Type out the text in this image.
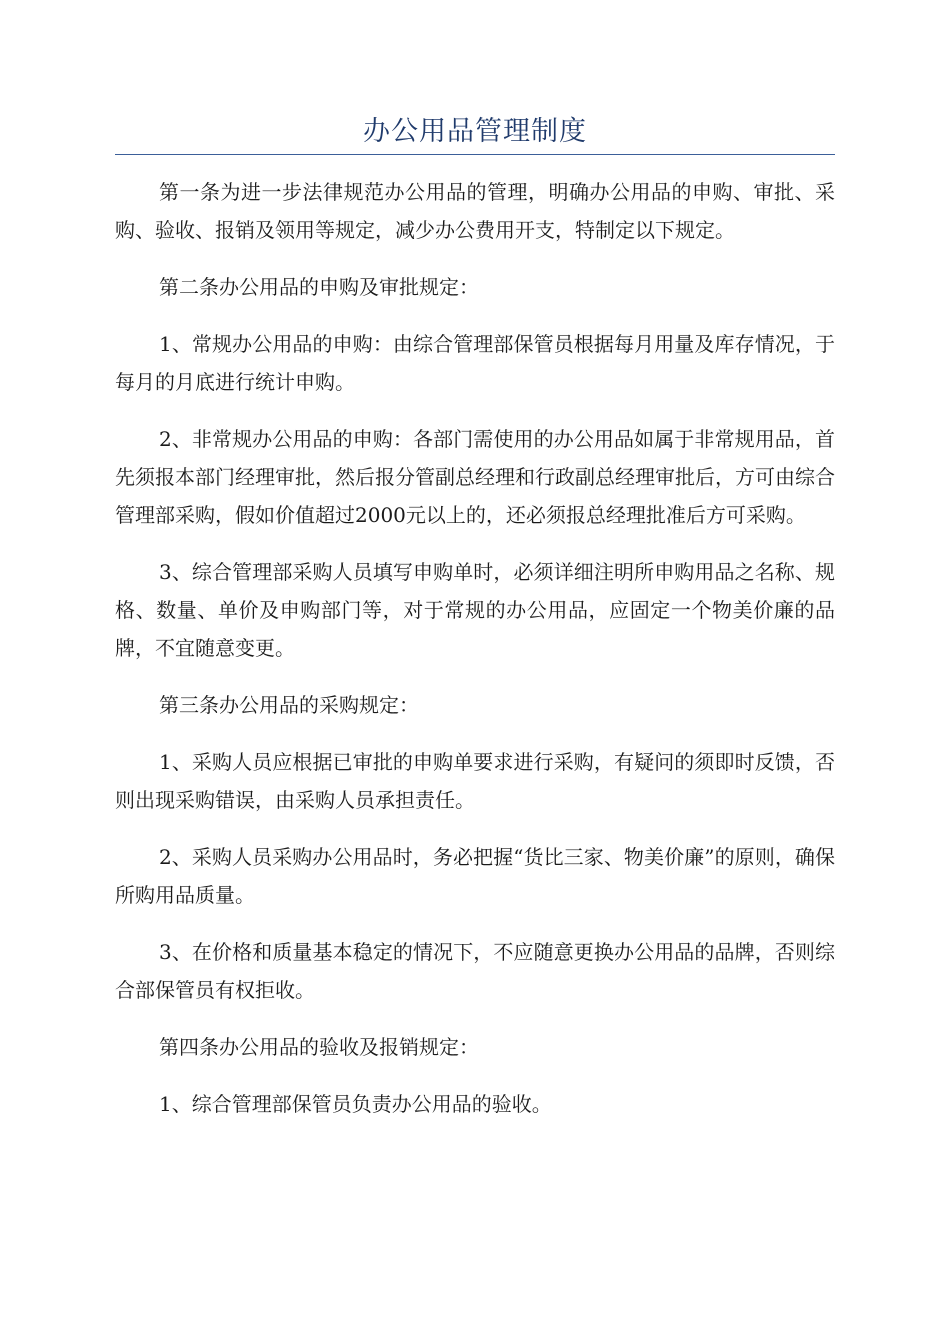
办公用品管理制度

第一条为进一步法律规范办公用品的管理，明确办公用品的申购、审批、采购、验收、报销及领用等规定，减少办公费用开支，特制定以下规定。

第二条办公用品的申购及审批规定：

1、常规办公用品的申购：由综合管理部保管员根据每月用量及库存情况，于每月的月底进行统计申购。

2、非常规办公用品的申购：各部门需使用的办公用品如属于非常规用品，首先须报本部门经理审批，然后报分管副总经理和行政副总经理审批后，方可由综合管理部采购，假如价值超过2000元以上的，还必须报总经理批准后方可采购。

3、综合管理部采购人员填写申购单时，必须详细注明所申购用品之名称、规格、数量、单价及申购部门等，对于常规的办公用品，应固定一个物美价廉的品牌，不宜随意变更。

第三条办公用品的采购规定：

1、采购人员应根据已审批的申购单要求进行采购，有疑问的须即时反馈，否则出现采购错误，由采购人员承担责任。

2、采购人员采购办公用品时，务必把握“货比三家、物美价廉”的原则，确保所购用品质量。

3、在价格和质量基本稳定的情况下，不应随意更换办公用品的品牌，否则综合部保管员有权拒收。

第四条办公用品的验收及报销规定：

1、综合管理部保管员负责办公用品的验收。
